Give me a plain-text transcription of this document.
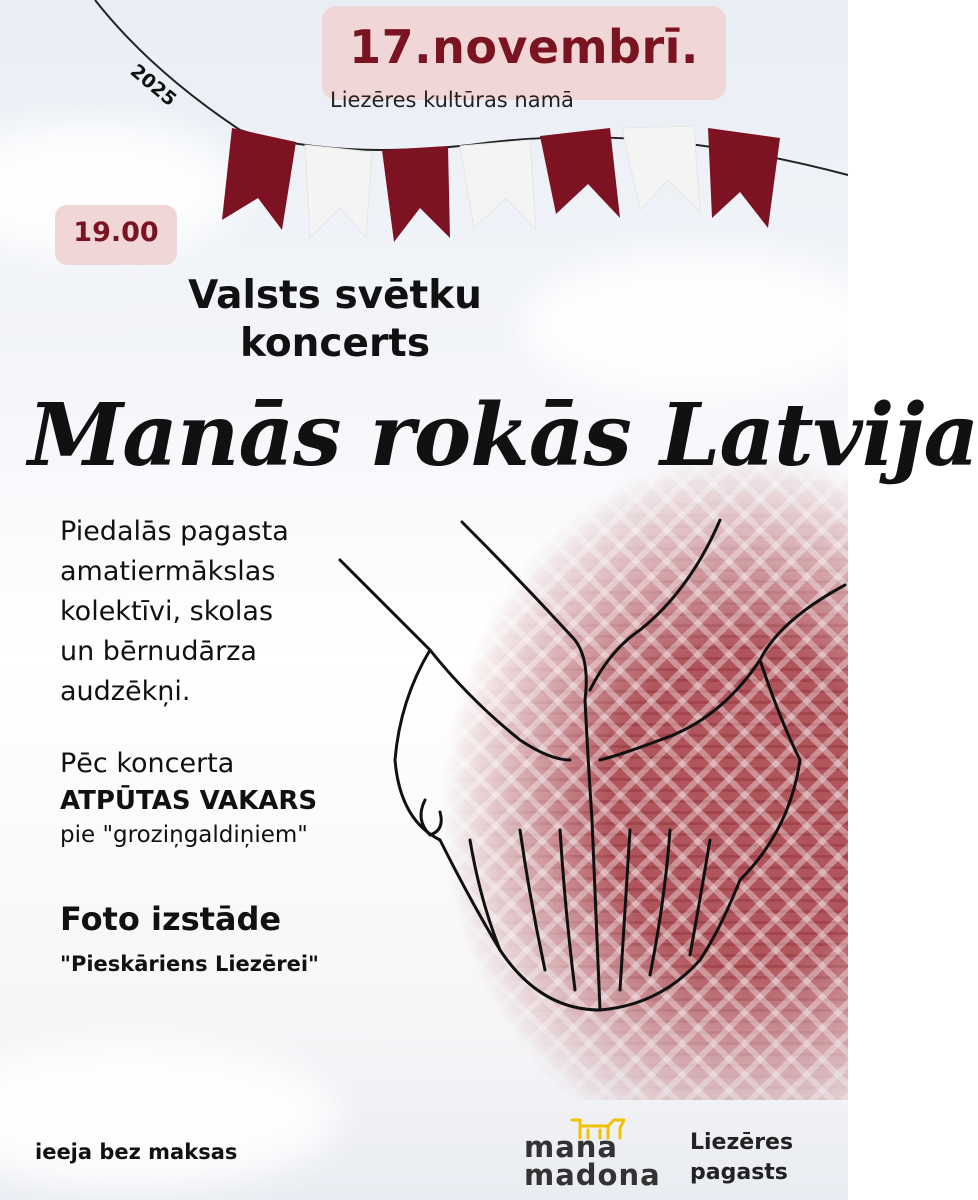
2025
17.novembrī.
Liezēres kultūras namā
19.00
Valsts svētku
koncerts
Manās rokās Latvija
Piedalās pagasta
amatiermākslas
kolektīvi, skolas
un bērnudārza
audzēkņi.
Pēc koncerta
ATPŪTAS VAKARS
pie "groziņgaldiņiem"
Foto izstāde
"Pieskāriens Liezērei"
ieeja bez maksas	mana
madona
Liezēres
pagasts
